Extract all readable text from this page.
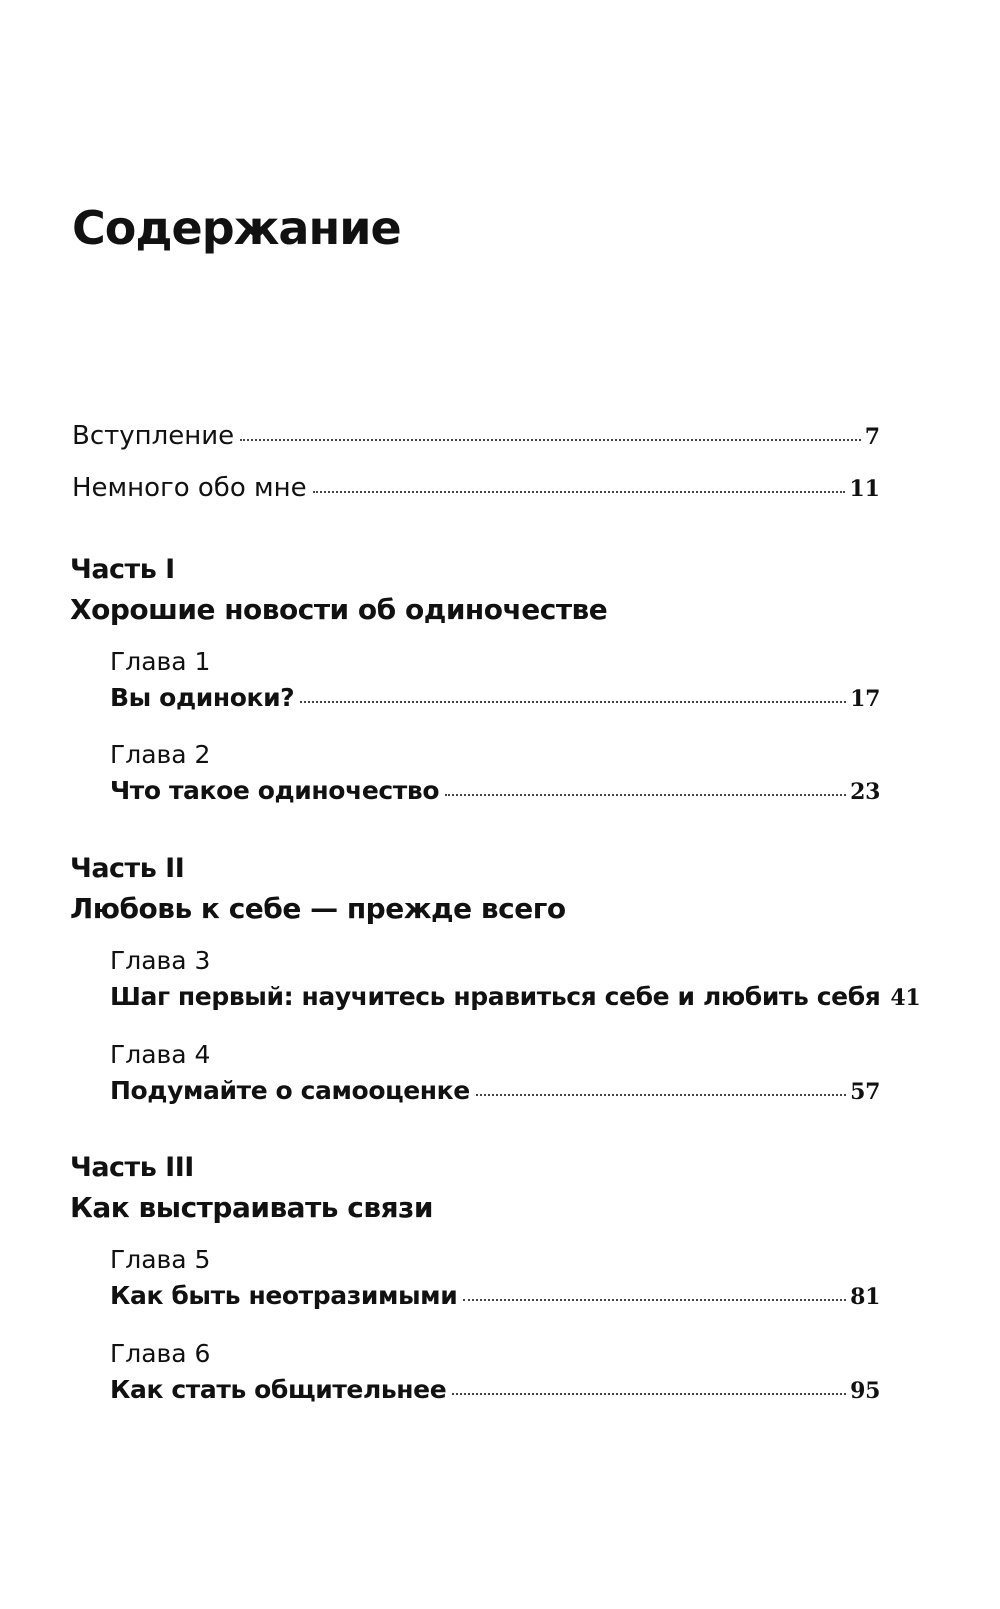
Содержание
Вступление	7
Немного обо мне	11
Часть I
Хорошие новости об одиночестве
Глава 1
Вы одиноки?	17
Глава 2
Что такое одиночество	23
Часть II
Любовь к себе — прежде всего
Глава 3
Шаг первый: научитесь нравиться себе и любить себя 41
Глава 4
Подумайте о самооценке	57
Часть III
Как выстраивать связи
Глава 5
Как быть неотразимыми	81
Глава 6
Как стать общительнее	95
